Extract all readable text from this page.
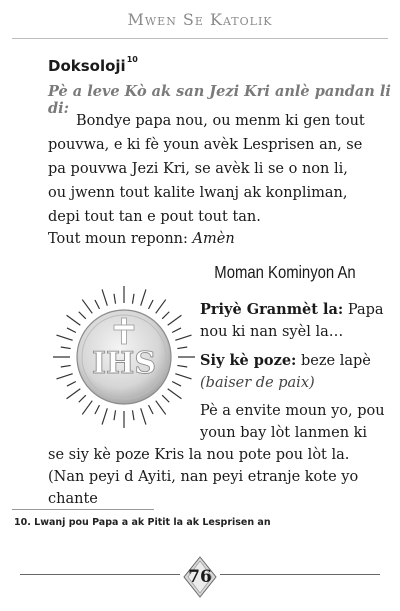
Mwen Se Katolik
Doksoloji$^{10}$
Pè a leve Kò ak san Jezi Kri anlè pandan li di:
Bondye papa nou, ou menm ki gen tout pouvwa, e ki fè youn avèk Lesprisen an, se pa pouvwa Jezi Kri, se avèk li se o non li, ou jwenn tout kalite lwanj ak konpliman, depi tout tan e pout tout tan.
Tout moun reponn: Amèn
Moman Kominyon An
IHS
Priyè Granmèt la: Papa nou ki nan syèl la…
Siy kè poze: beze lapè
(baiser de paix)
Pè a envite moun yo, pou youn bay lòt lanmen ki
se siy kè poze Kris la nou pote pou lòt la. (Nan peyi d Ayiti, nan peyi etranje kote yo chante
10. Lwanj pou Papa a ak Pitit la ak Lesprisen an
76
